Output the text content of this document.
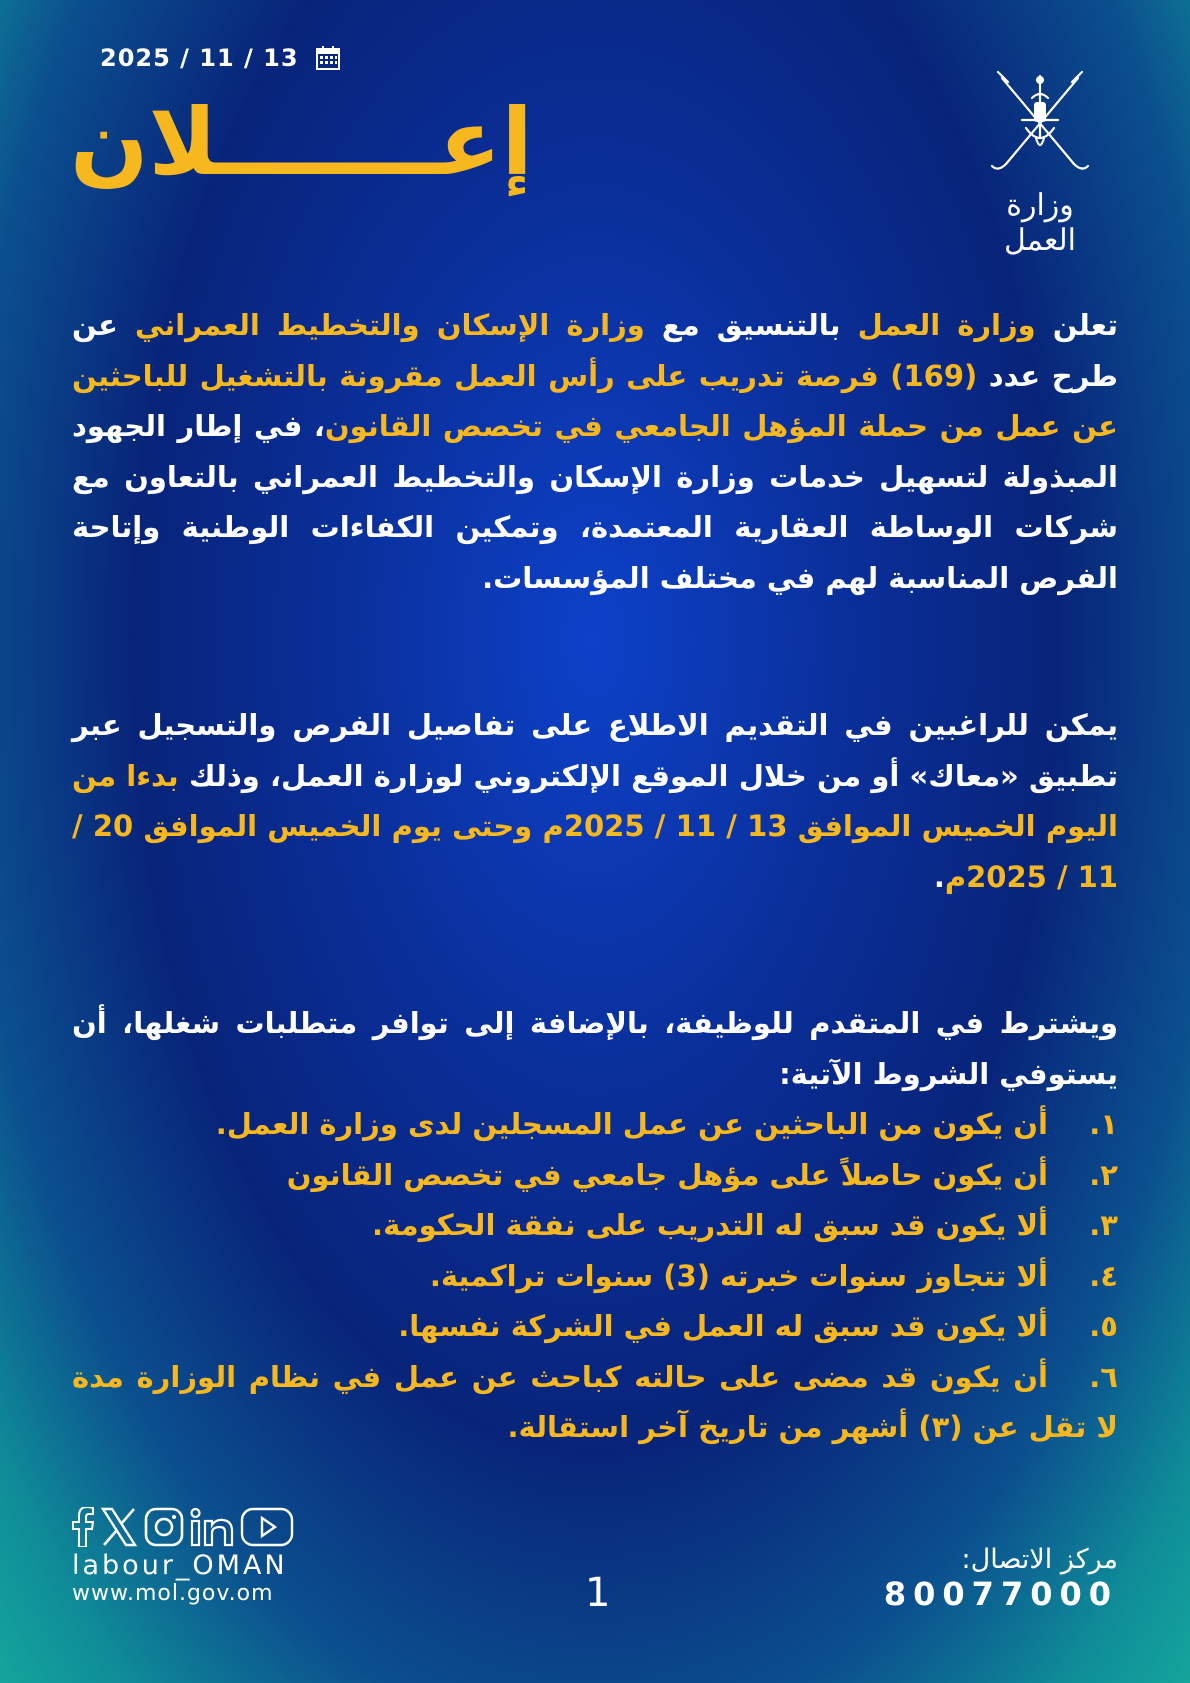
2025 / 11 / 13
إعـــــــلان
وزارة العمل
تعلن وزارة العمل بالتنسيق مع وزارة الإسكان والتخطيط العمراني عن طرح عدد (169) فرصة تدريب على رأس العمل مقرونة بالتشغيل للباحثين عن عمل من حملة المؤهل الجامعي في تخصص القانون، في إطار الجهود المبذولة لتسهيل خدمات وزارة الإسكان والتخطيط العمراني بالتعاون مع شركات الوساطة العقارية المعتمدة، وتمكين الكفاءات الوطنية وإتاحة الفرص المناسبة لهم في مختلف المؤسسات.
يمكن للراغبين في التقديم الاطلاع على تفاصيل الفرص والتسجيل عبر تطبيق «معاك» أو من خلال الموقع الإلكتروني لوزارة العمل، وذلك بدءا من اليوم الخميس الموافق 13 / 11 / 2025م وحتى يوم الخميس الموافق 20 / 11 / 2025م.
ويشترط في المتقدم للوظيفة، بالإضافة إلى توافر متطلبات شغلها، أن يستوفي الشروط الآتية:
١.
أن يكون من الباحثين عن عمل المسجلين لدى وزارة العمل.
٢.
أن يكون حاصلاً على مؤهل جامعي في تخصص القانون
٣.
ألا يكون قد سبق له التدريب على نفقة الحكومة.
٤.
ألا تتجاوز سنوات خبرته (3) سنوات تراكمية.
٥.
ألا يكون قد سبق له العمل في الشركة نفسها.
٦.أن يكون قد مضى على حالته كباحث عن عمل في نظام الوزارة مدة لا تقل عن (٣) أشهر من تاريخ آخر استقالة.
labour_OMAN
www.mol.gov.om	1
مركز الاتصال:
80077000
